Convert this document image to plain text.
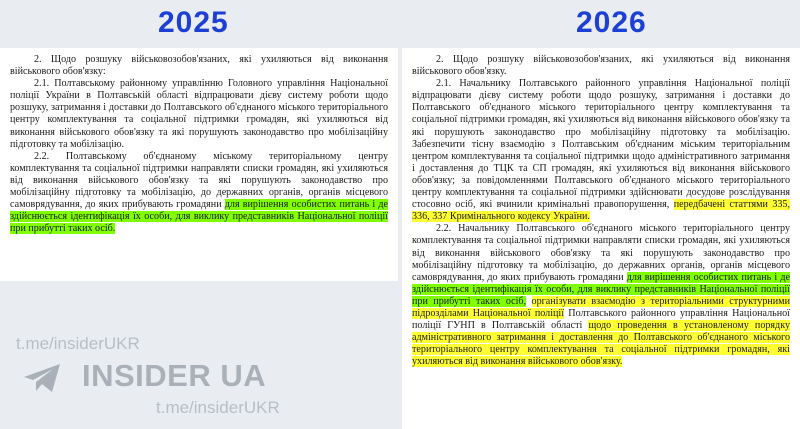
2025	2026

2. Щодо розшуку військовозобов'язаних, які ухиляються від виконання військового обов'язку:

2.1. Полтавському районному управлінню Головного управління Національної поліції України в Полтавській області відпрацювати дієву систему роботи щодо розшуку, затримання і доставки до Полтавського об'єднаного міського територіального центру комплектування та соціальної підтримки громадян, які ухиляються від виконання військового обов'язку та які порушують законодавство про мобілізаційну підготовку та мобілізацію.

2.2. Полтавському об'єднаному міському територіальному центру комплектування та соціальної підтримки направляти списки громадян, які ухиляються від виконання військового обов'язку та які порушують законодавство про мобілізаційну підготовку та мобілізацію, до державних органів, органів місцевого самоврядування, до яких прибувають громадяни для вирішення особистих питань і де здійснюється ідентифікація їх особи, для виклику представників Національної поліції при прибутті таких осіб.

2. Щодо розшуку військовозобов'язаних, які ухиляються від виконання військового обов'язку.

2.1. Начальнику Полтавського районного управління Національної поліції відпрацювати дієву систему роботи щодо розшуку, затримання і доставки до Полтавського об'єднаного міського територіального центру комплектування та соціальної підтримки громадян, які ухиляються від виконання військового обов'язку та які порушують законодавство про мобілізаційну підготовку та мобілізацію. Забезпечити тісну взаємодію з Полтавським об'єднаним міським територіальним центром комплектування та соціальної підтримки щодо адміністративного затримання і доставлення до ТЦК та СП громадян, які ухиляються від виконання військового обов'язку; за повідомленнями Полтавського об'єднаного міського територіального центру комплектування та соціальної підтримки здійснювати досудове розслідування стосовно осіб, які вчинили кримінальні правопорушення, передбачені статтями 335, 336, 337 Кримінального кодексу України.

2.2. Начальнику Полтавського об'єднаного міського територіального центру комплектування та соціальної підтримки направляти списки громадян, які ухиляються від виконання військового обов'язку та які порушують законодавство про мобілізаційну підготовку та мобілізацію, до державних органів, органів місцевого самоврядування, до яких прибувають громадяни для вирішення особистих питань і де здійснюється ідентифікація їх особи, для виклику представників Національної поліції при прибутті таких осіб, організувати взаємодію з територіальними структурними підрозділами Національної поліції Полтавського районного управління Національної поліції ГУНП в Полтавській області щодо проведення в установленому порядку адміністративного затримання і доставлення до Полтавського об'єднаного міського територіального центру комплектування та соціальної підтримки громадян, які ухиляються від виконання військового обов'язку.

t.me/insiderUKR
INSIDER UA
t.me/insiderUKR
